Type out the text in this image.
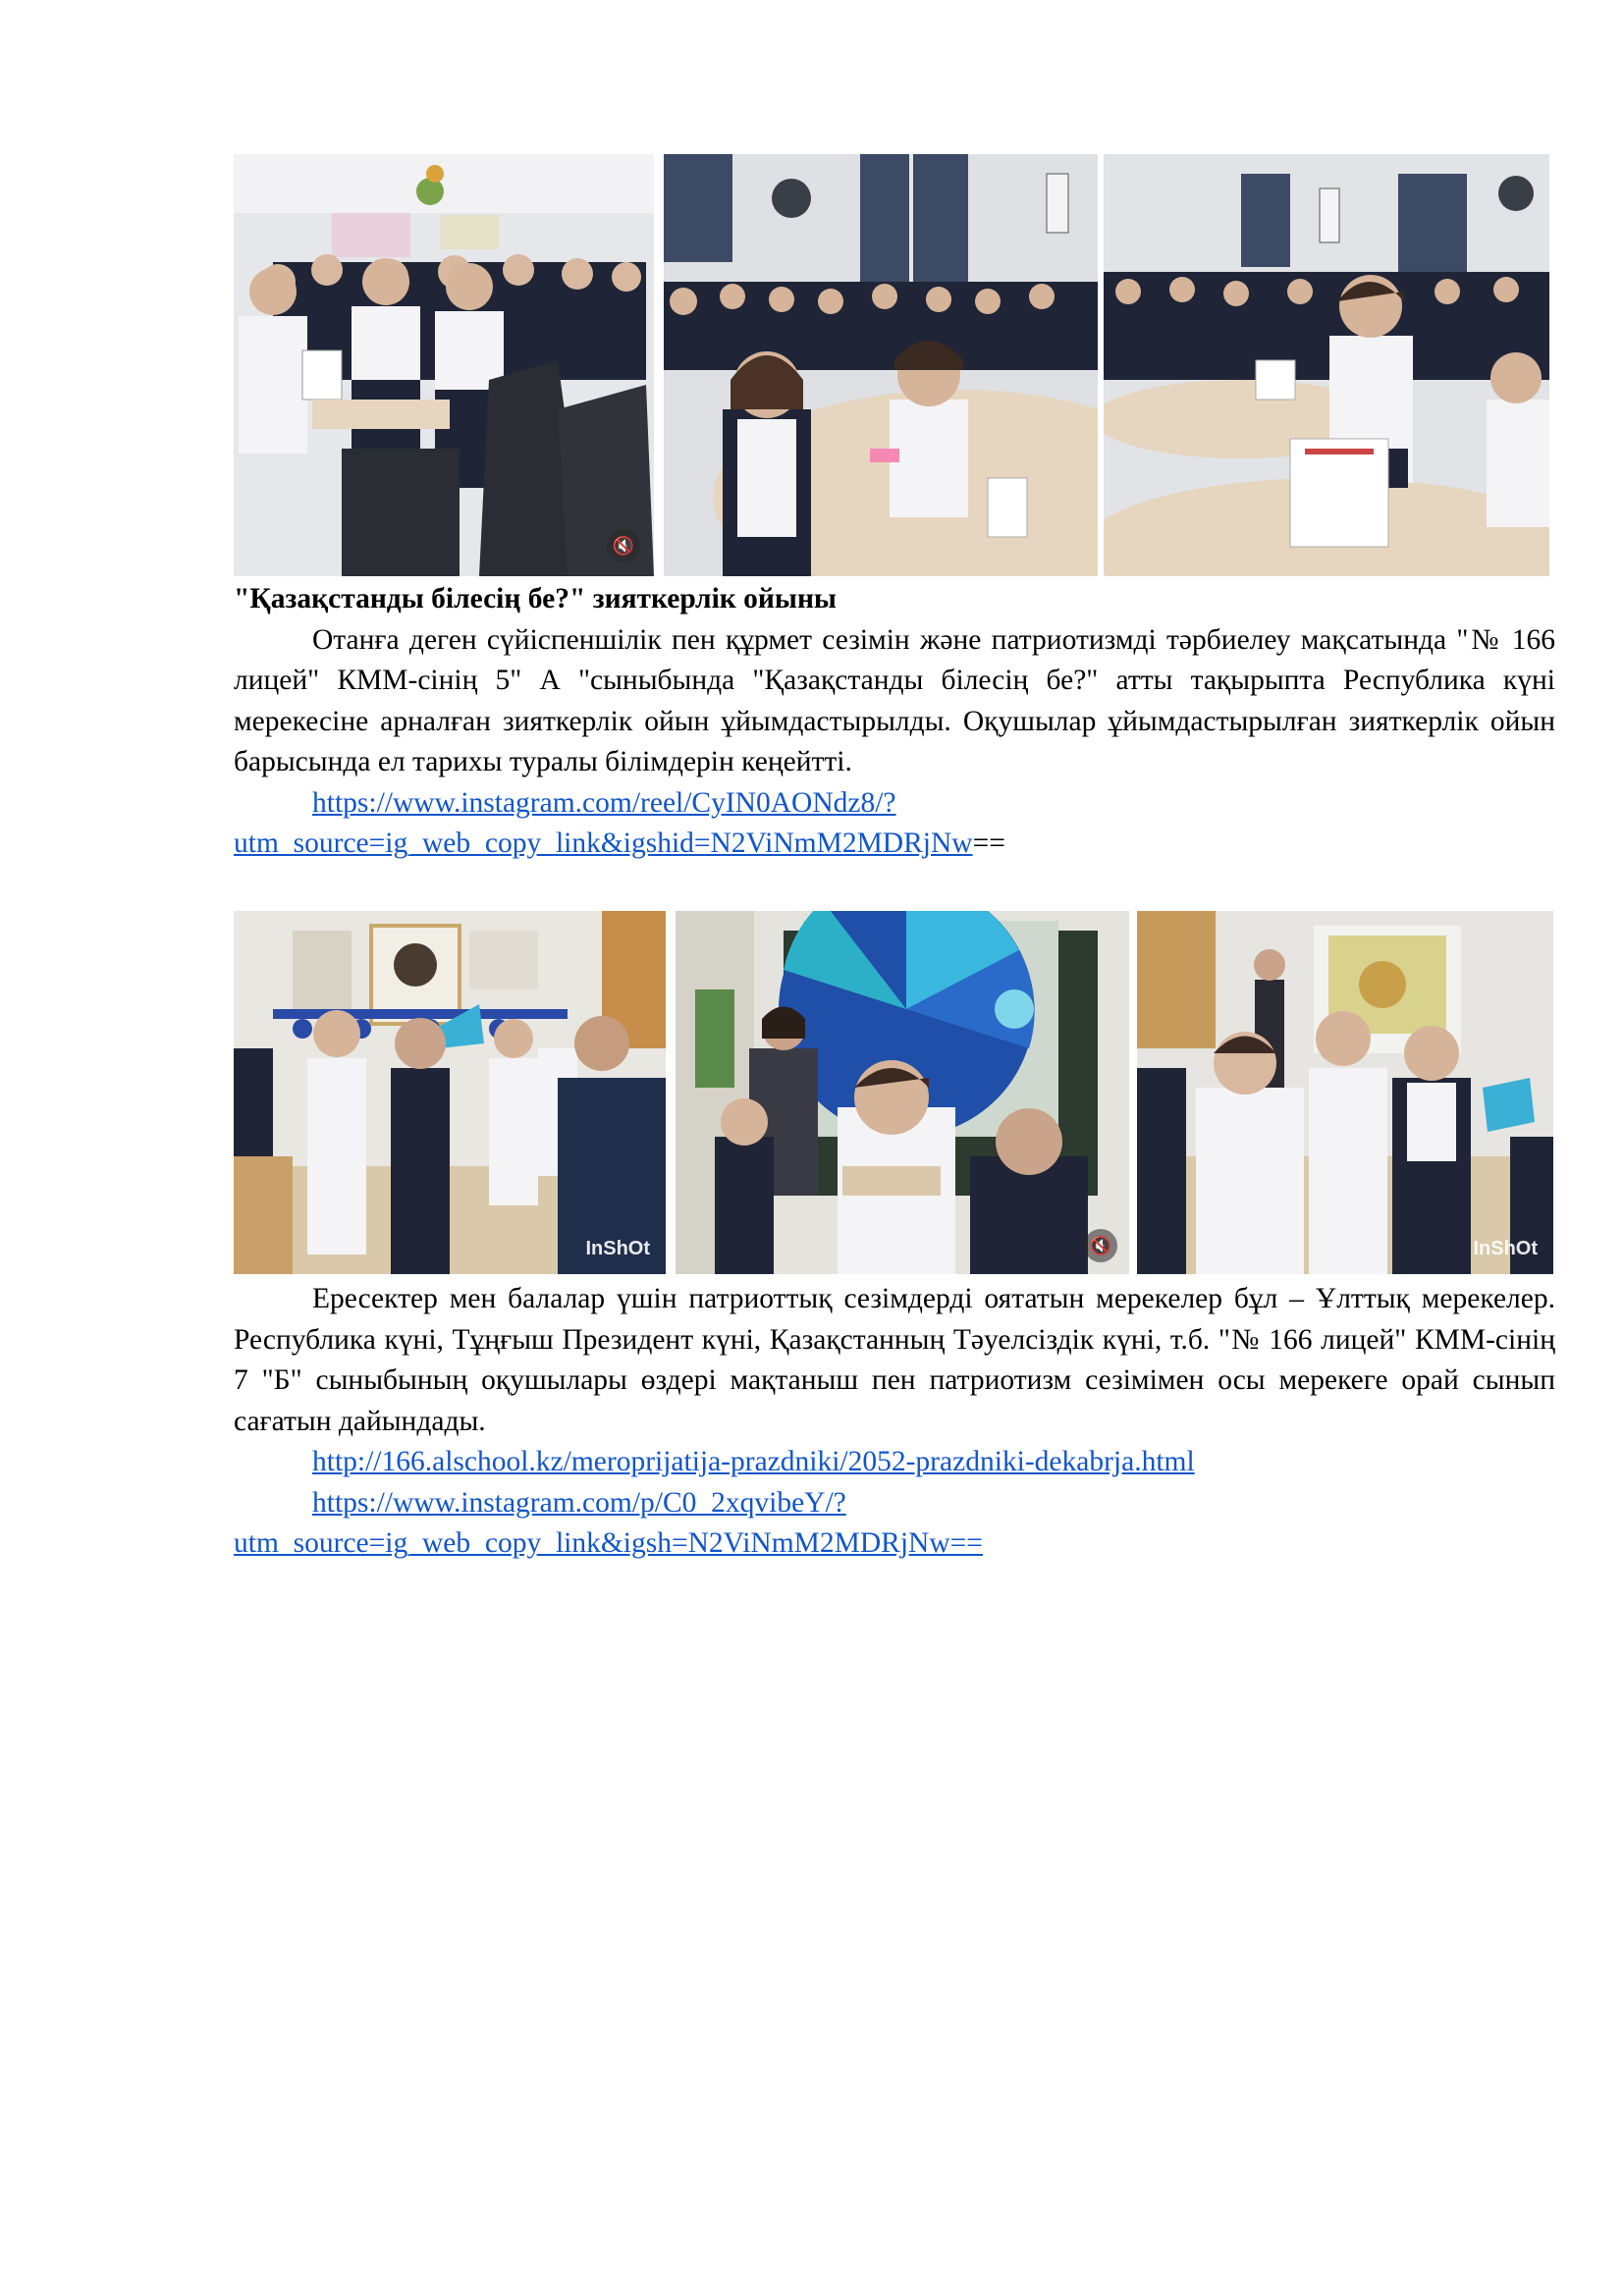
🔇
"Қазақстанды білесің бе?" зияткерлік ойыны
Отанға деген сүйіспеншілік пен құрмет сезімін және патриотизмді тәрбиелеу мақсатында "№ 166 лицей" КММ-сінің 5" А "сыныбында "Қазақстанды білесің бе?" атты тақырыпта Республика күні мерекесіне арналған зияткерлік ойын ұйымдастырылды. Оқушылар ұйымдастырылған зияткерлік ойын барысында ел тарихы туралы білімдерін кеңейтті.
https://www.instagram.com/reel/CyIN0AONdz8/?
utm_source=ig_web_copy_link&igshid=N2ViNmM2MDRjNw==
InShOt	🔇	InShOt
Ересектер мен балалар үшін патриоттық сезімдерді оятатын мерекелер бұл – Ұлттық мерекелер. Республика күні, Тұңғыш Президент күні, Қазақстанның Тәуелсіздік күні, т.б. "№ 166 лицей" КММ-сінің 7 "Б" сыныбының оқушылары өздері мақтаныш пен патриотизм сезімімен осы мерекеге орай сынып сағатын дайындады.
http://166.alschool.kz/meroprijatija-prazdniki/2052-prazdniki-dekabrja.html
https://www.instagram.com/p/C0_2xqvibeY/?
utm_source=ig_web_copy_link&igsh=N2ViNmM2MDRjNw==
